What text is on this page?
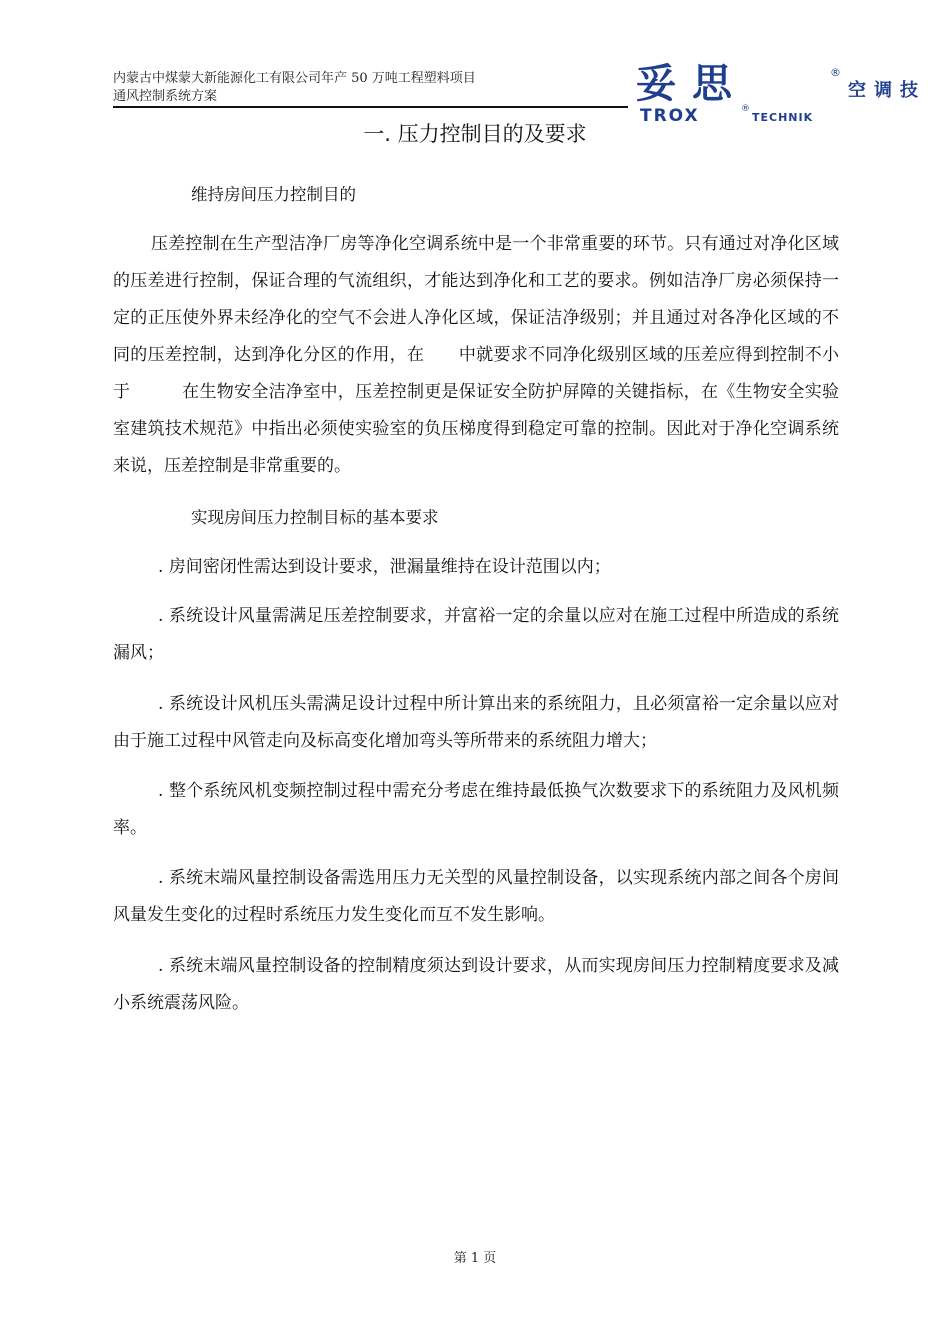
内蒙古中煤蒙大新能源化工有限公司年产 50 万吨工程塑料项目
通风控制系统方案	妥思	®
空调技
TROX	®
TECHNIK
一. 压力控制目的及要求
维持房间压力控制目的
压差控制在生产型洁净厂房等净化空调系统中是一个非常重要的环节。只有通过对净化区域的压差进行控制，保证合理的气流组织，才能达到净化和工艺的要求。例如洁净厂房必须保持一定的正压使外界未经净化的空气不会进人净化区域，保证洁净级别；并且通过对各净化区域的不同的压差控制，达到净化分区的作用，在　　中就要求不同净化级别区域的压差应得到控制不小于　　　在生物安全洁净室中，压差控制更是保证安全防护屏障的关键指标，在《生物安全实验室建筑技术规范》中指出必须使实验室的负压梯度得到稳定可靠的控制。因此对于净化空调系统来说，压差控制是非常重要的。
实现房间压力控制目标的基本要求
. 房间密闭性需达到设计要求，泄漏量维持在设计范围以内；
. 系统设计风量需满足压差控制要求，并富裕一定的余量以应对在施工过程中所造成的系统漏风；
. 系统设计风机压头需满足设计过程中所计算出来的系统阻力，且必须富裕一定余量以应对由于施工过程中风管走向及标高变化增加弯头等所带来的系统阻力增大；
. 整个系统风机变频控制过程中需充分考虑在维持最低换气次数要求下的系统阻力及风机频率。
. 系统末端风量控制设备需选用压力无关型的风量控制设备，以实现系统内部之间各个房间风量发生变化的过程时系统压力发生变化而互不发生影响。
. 系统末端风量控制设备的控制精度须达到设计要求，从而实现房间压力控制精度要求及减小系统震荡风险。
第 1 页
